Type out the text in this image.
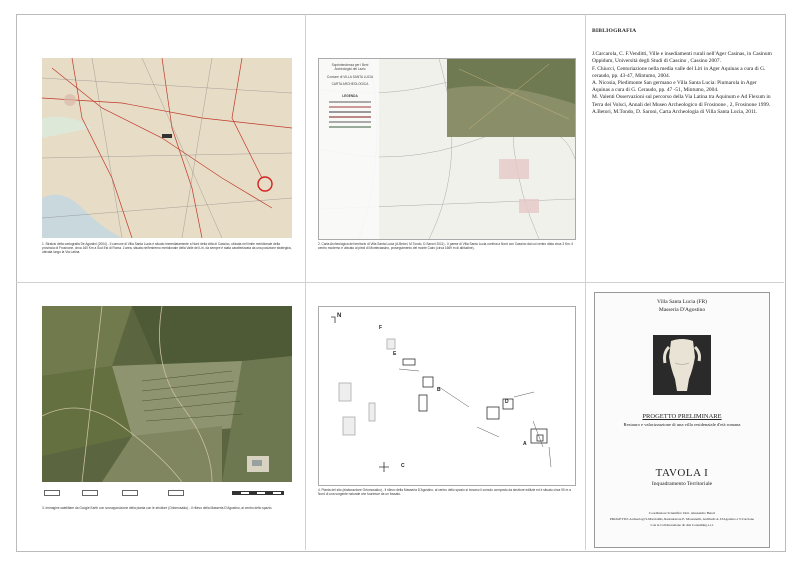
1. Stralcio della cartografia De Agostini (2004) - Il comune di Villa Santa Lucia è situato immediatamente a Nord della città di Cassino, ubicata nel limite meridionale della provincia di Frosinone, circa 160 Km a Sud Est di Roma. L'area, situata nell'estremo meridionale della Valle del Liri, da sempre è stata caratterizzata da una posizione strategica, ubicata lungo la Via Latina.
Soprintendenza per i Beni Archeologici del Lazio
Comune di VILLA SANTA LUCIA
CARTA ARCHEOLOGICA
LEGENDA
2. Carta Archeologica del territorio di Villa Santa Lucia (A.Betori, M.Tondo, D.Saroni 2011) - Il paese di Villa Santa Lucia confina a Nord con Cassino dal cui centro dista circa 3 Km. Il centro moderno è ubicato ai piedi di Montecassino, proseguimento del monte Cairo (circa 1669 m di altitudine).
BIBLIOGRAFIA

J.Carcarola, C. F.Venditti, Ville e insediamenti rurali nell'Ager Casinas, in Casinum Oppidum, Università degli Studi di Cassino , Cassino 2007.

F. Chiucci, Centuriazione nella media valle del Liri in Ager Aquinas a cura di G. ceraudo, pp. 43-47, Mintumo, 2004.

A. Nicosia, Piedimonte San germano e Villa Santa Lucia: Piumarola in Ager Aquinas a cura di G. Ceraudo, pp. 47 -51, Mintumo, 2004.

M. Valenti Osservazioni sul percorso della Via Latina tra Aquinum e Ad Flexum in Terra dei Volsci, Annali del Museo Archeologico di Frosinone , 2, Frosinone 1999.

A.Betori, M.Tondo, D. Saroni, Carta Archeologia di Villa Santa Lucia, 2011.

3. Immagine satellitare da Google Earth con sovrapposizione della pianta con le strutture (Ortomosaiko) - Il rilievo della Masseria D'Agostino, al centro dello spazio.
N
A
B
C
D
E
F
4. Pianta del sito (elaborazione Ortomosaiko) - Il rilievo della Masseria D'Agostino, al centro dello spazio si trovano il cumulo composto da strutture edilizie ed è situato circa 90 m a Nord di una sorgente naturale che fuoriesce da un fossato.
Villa Santa Lucia (FR)
Masseria D'Agostino
PROGETTO PRELIMINARE
Restauro e valorizzazione di una villa residenziale d'età romana
TAVOLA I
Inquadramento Territoriale
Coordinatore Scientifico Dott. Alessandro Betori
PROGETTO: Archeologi S.Marcialdis, Restauratore E. Moreanelli, Architetti A. D'Agostino e V.Carcione
Con la Collaborazione di: Aln Consulting s.r.l.
